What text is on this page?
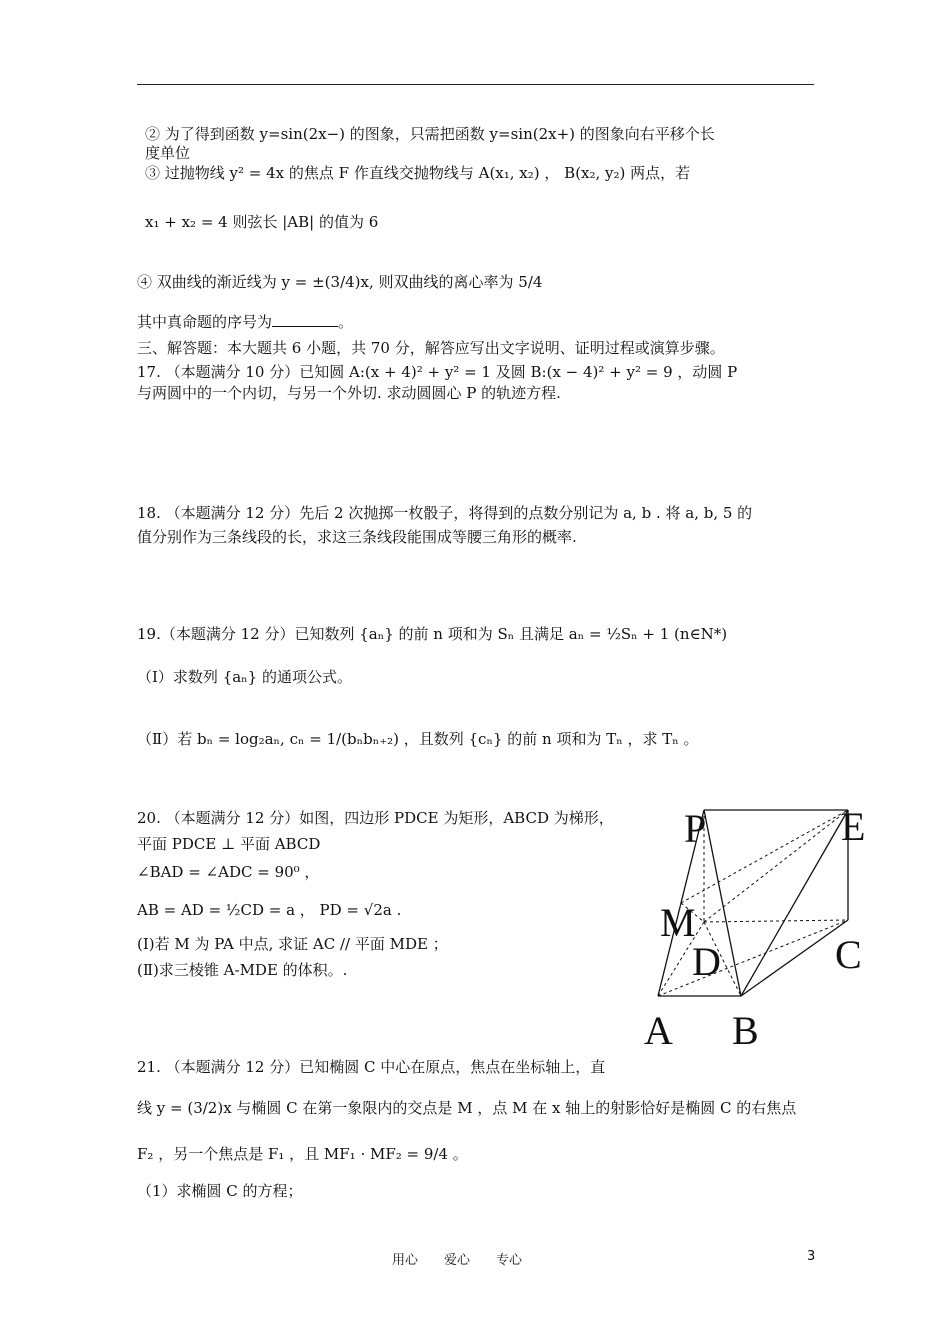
② 为了得到函数 y=sin(2x−) 的图象，只需把函数 y=sin(2x+) 的图象向右平移个长
度单位
③ 过抛物线 y² = 4x 的焦点 F 作直线交抛物线与 A(x₁, x₂) ， B(x₂, y₂) 两点，若
x₁ + x₂ = 4 则弦长 |AB| 的值为 6
④ 双曲线的渐近线为 y = ±(3/4)x, 则双曲线的离心率为 5/4
其中真命题的序号为	。
三、解答题：本大题共 6 小题，共 70 分，解答应写出文字说明、证明过程或演算步骤。
17. （本题满分 10 分）已知圆 A:(x + 4)² + y² = 1 及圆 B:(x − 4)² + y² = 9 ，动圆 P
与两圆中的一个内切，与另一个外切. 求动圆圆心 P 的轨迹方程.
18. （本题满分 12 分）先后 2 次抛掷一枚骰子，将得到的点数分别记为 a, b . 将 a, b, 5 的
值分别作为三条线段的长，求这三条线段能围成等腰三角形的概率.
19.（本题满分 12 分）已知数列 {aₙ} 的前 n 项和为 Sₙ 且满足 aₙ = ½Sₙ + 1 (n∈N*)
（Ⅰ）求数列 {aₙ} 的通项公式。
（Ⅱ）若 bₙ = log₂aₙ, cₙ = 1/(bₙbₙ₊₂) ，且数列 {cₙ} 的前 n 项和为 Tₙ ，求 Tₙ 。
20. （本题满分 12 分）如图，四边形 PDCE 为矩形，ABCD 为梯形，
平面 PDCE ⊥ 平面 ABCD
∠BAD = ∠ADC = 90⁰ ，
AB = AD = ½CD = a ， PD = √2a .
(Ⅰ)若 M 为 PA 中点, 求证 AC // 平面 MDE ；
(Ⅱ)求三棱锥 A-MDE 的体积。.
P	E
M
D	C
A B
21. （本题满分 12 分）已知椭圆 C 中心在原点，焦点在坐标轴上，直
线 y = (3/2)x 与椭圆 C 在第一象限内的交点是 M ，点 M 在 x 轴上的射影恰好是椭圆 C 的右焦点
F₂ ，另一个焦点是 F₁ ，且 MF₁ · MF₂ = 9/4 。
（1）求椭圆 C 的方程；
用心　　爱心　　专心	3
